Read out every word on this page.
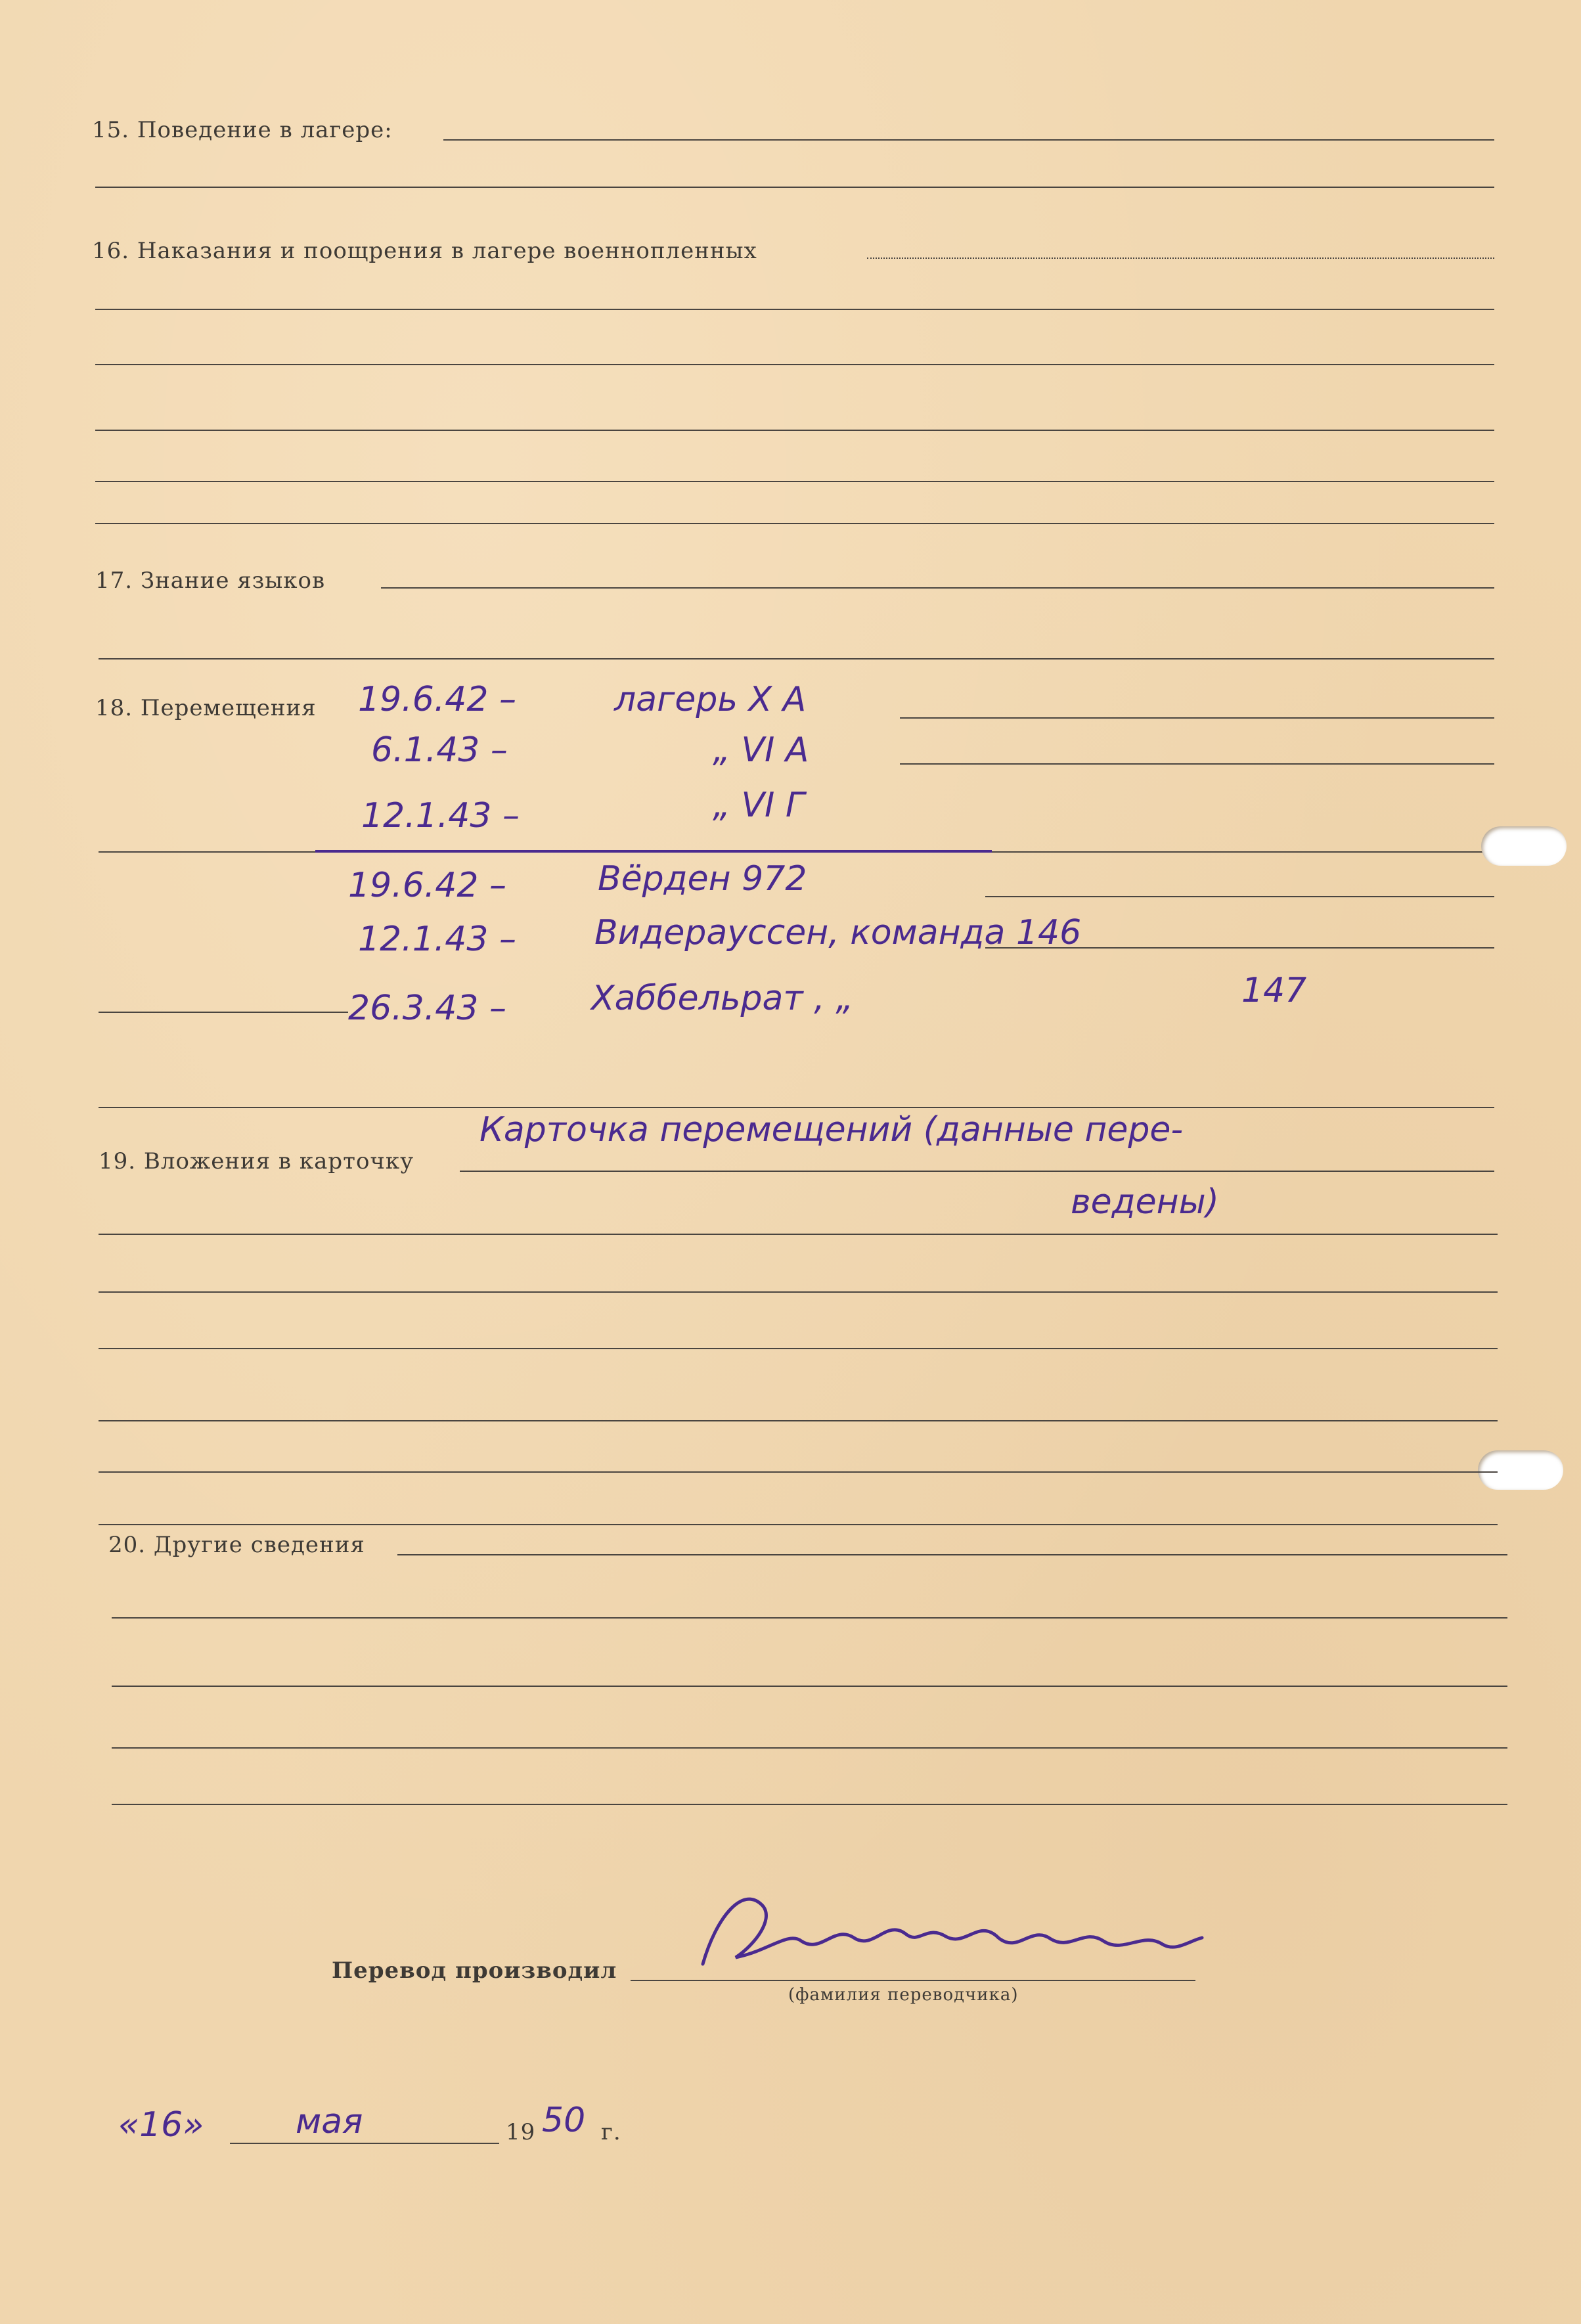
15. Поведение в лагере:
16. Наказания и поощрения в лагере военнопленных
17. Знание языков
18. Перемещения 19.6.42 –	лагерь X A
6.1.43 –	„ VI A
12.1.43 –	„ VI Г
19.6.42 –	Вёрден 972
12.1.43 – Видерауссен, команда 146
26.3.43 – Хаббельрат , „	147
19. Вложения в карточку
Карточка перемещений (данные пере-
ведены)
20. Другие сведения
Перевод производил
(фамилия переводчика)
«16»	мая	19 50 г.
